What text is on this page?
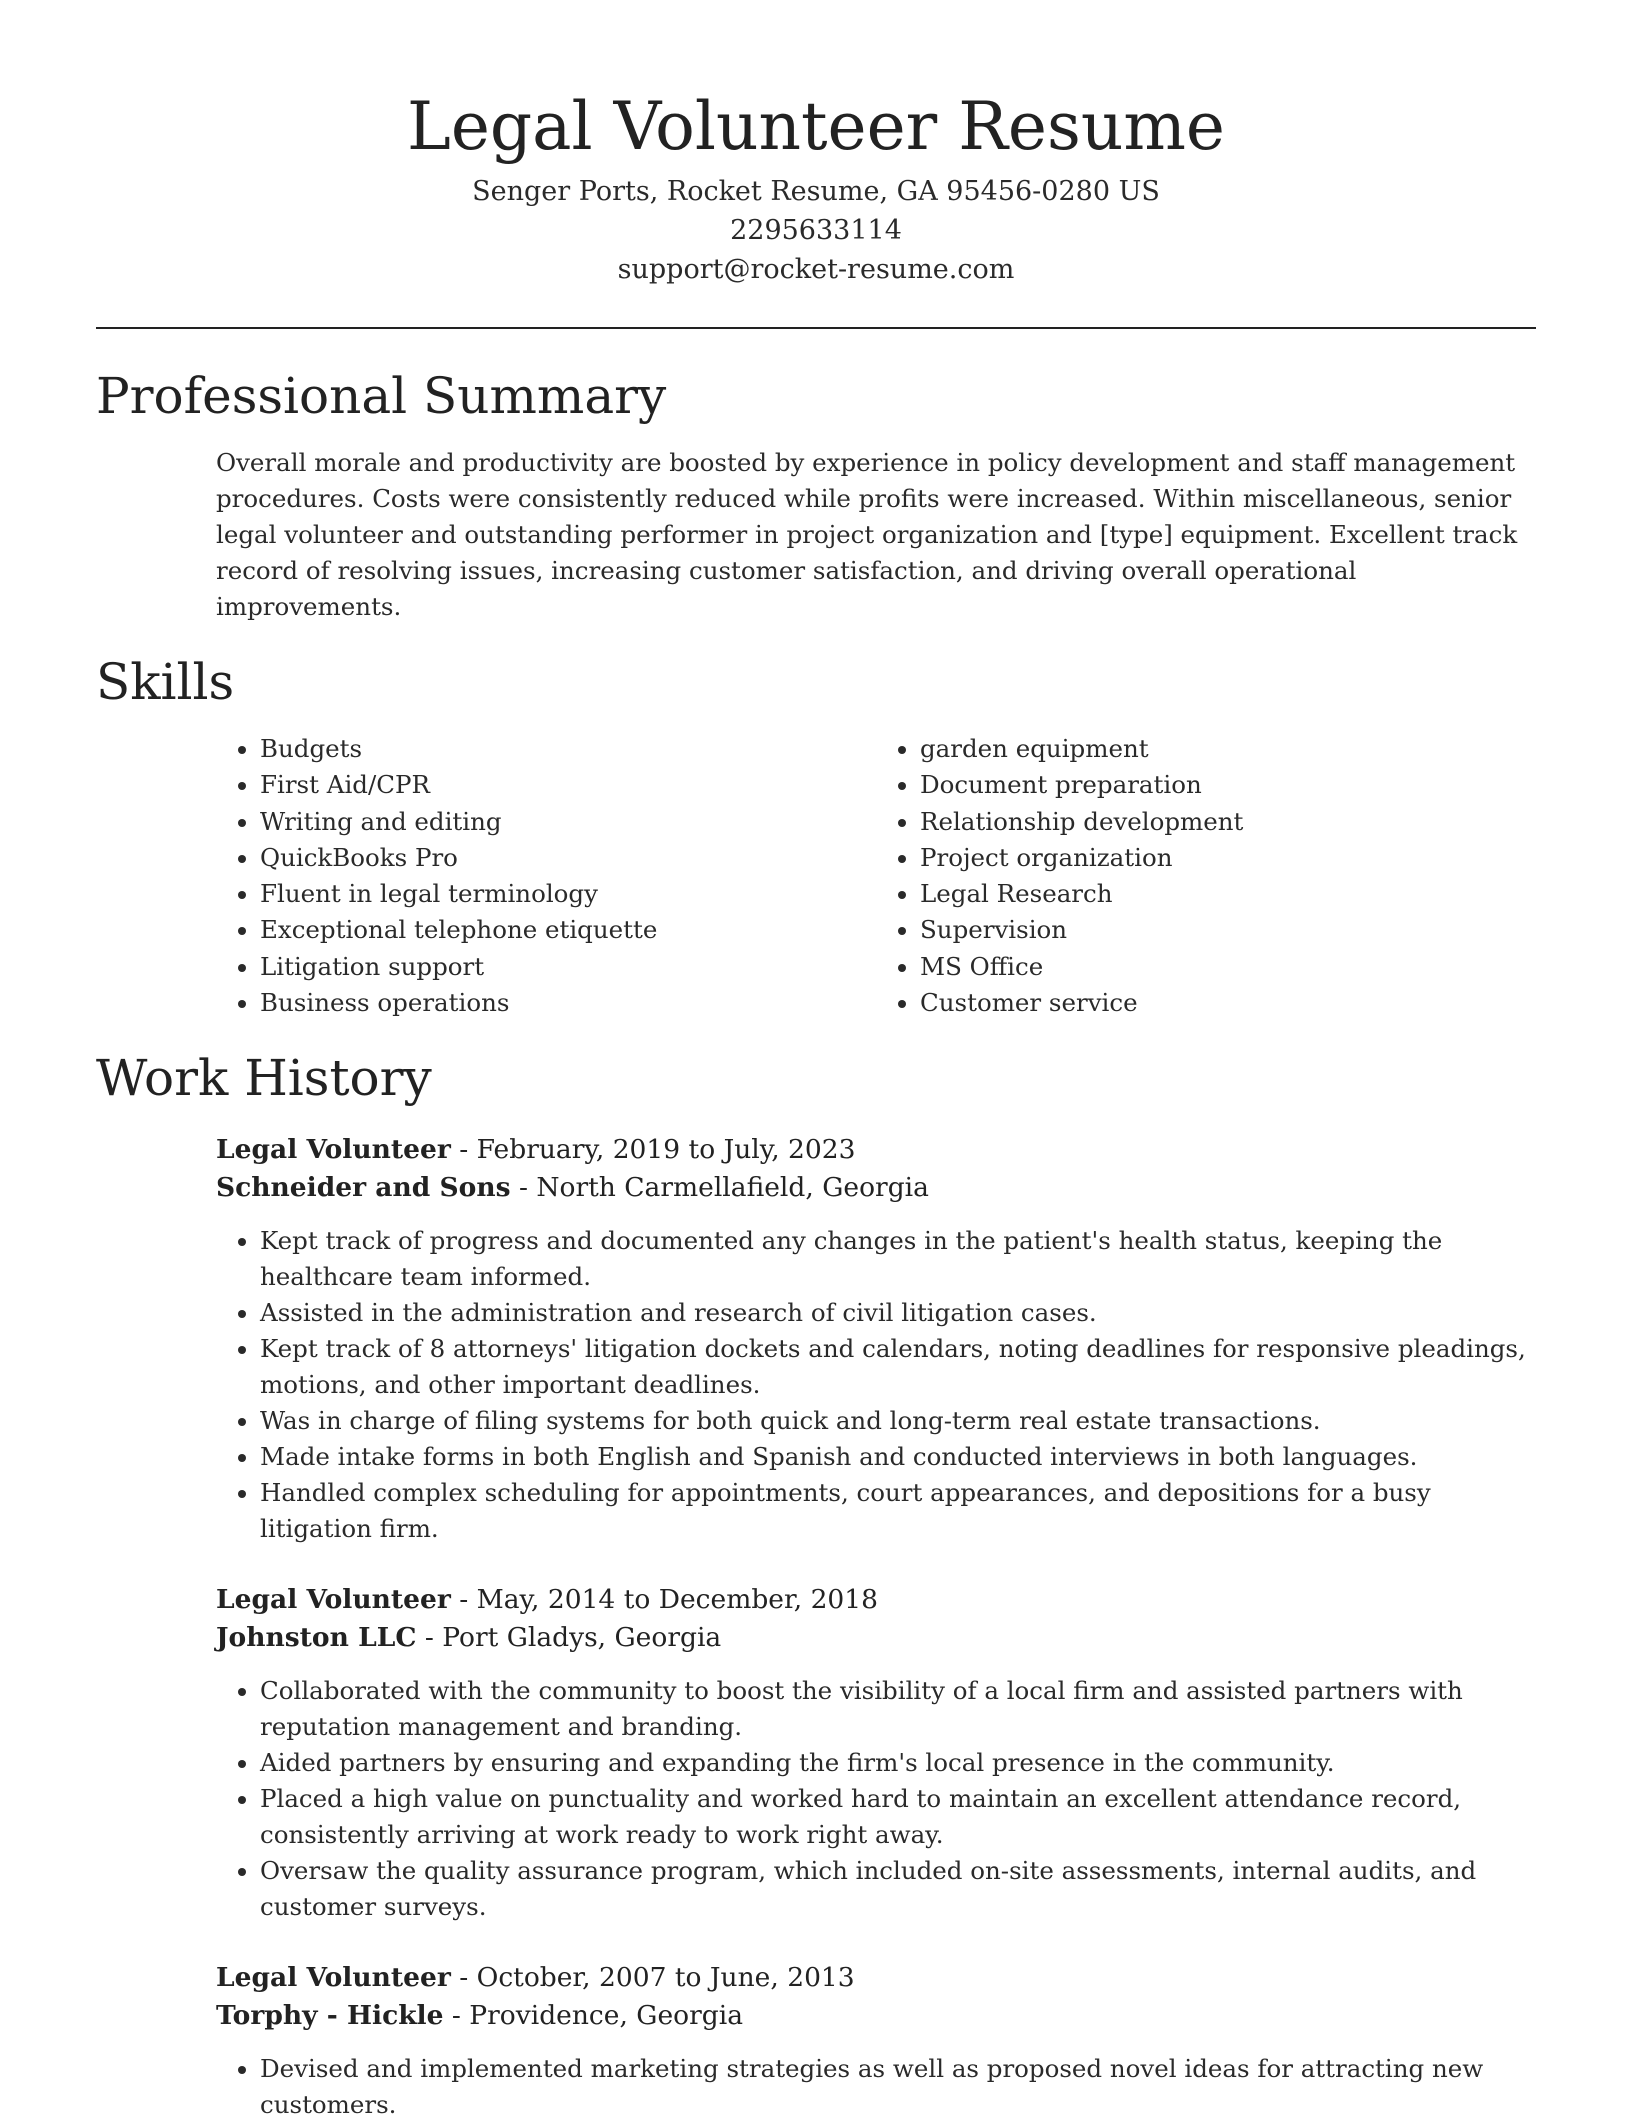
Legal Volunteer Resume
Senger Ports, Rocket Resume, GA 95456-0280 US
2295633114
support@rocket-resume.com
Professional Summary

Overall morale and productivity are boosted by experience in policy development and staff management procedures. Costs were consistently reduced while profits were increased. Within miscellaneous, senior legal volunteer and outstanding performer in project organization and [type] equipment. Excellent track record of resolving issues, increasing customer satisfaction, and driving overall operational improvements.

Skills
• Budgets
• First Aid/CPR
• Writing and editing
• QuickBooks Pro
• Fluent in legal terminology
• Exceptional telephone etiquette
• Litigation support
• Business operations
• garden equipment
• Document preparation
• Relationship development
• Project organization
• Legal Research
• Supervision
• MS Office
• Customer service
Work History
Legal Volunteer - February, 2019 to July, 2023
Schneider and Sons - North Carmellafield, Georgia
• Kept track of progress and documented any changes in the patient's health status, keeping the healthcare team informed.
• Assisted in the administration and research of civil litigation cases.
• Kept track of 8 attorneys' litigation dockets and calendars, noting deadlines for responsive pleadings, motions, and other important deadlines.
• Was in charge of filing systems for both quick and long-term real estate transactions.
• Made intake forms in both English and Spanish and conducted interviews in both languages.
• Handled complex scheduling for appointments, court appearances, and depositions for a busy litigation firm.
Legal Volunteer - May, 2014 to December, 2018
Johnston LLC - Port Gladys, Georgia
• Collaborated with the community to boost the visibility of a local firm and assisted partners with reputation management and branding.
• Aided partners by ensuring and expanding the firm's local presence in the community.
• Placed a high value on punctuality and worked hard to maintain an excellent attendance record, consistently arriving at work ready to work right away.
• Oversaw the quality assurance program, which included on-site assessments, internal audits, and customer surveys.
Legal Volunteer - October, 2007 to June, 2013
Torphy - Hickle - Providence, Georgia
• Devised and implemented marketing strategies as well as proposed novel ideas for attracting new customers.
